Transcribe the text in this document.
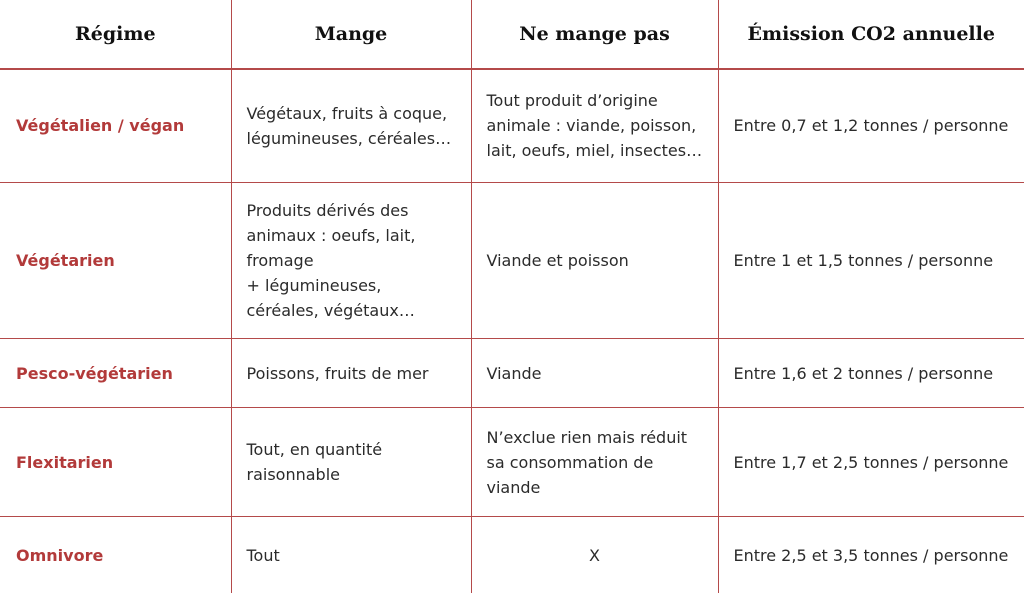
Régime	Mange	Ne mange pas	Émission CO2 annuelle
Végétalien / végan	Végétaux, fruits à coque,
légumineuses, céréales…	Tout produit d’origine
animale : viande, poisson,
lait, oeufs, miel, insectes…	Entre 0,7 et 1,2 tonnes / personne
Végétarien	Produits dérivés des
animaux : oeufs, lait,
fromage
+ légumineuses,
céréales, végétaux…	Viande et poisson	Entre 1 et 1,5 tonnes / personne
Pesco-végétarien	Poissons, fruits de mer	Viande	Entre 1,6 et 2 tonnes / personne
Flexitarien	Tout, en quantité
raisonnable	N’exclue rien mais réduit
sa consommation de
viande	Entre 1,7 et 2,5 tonnes / personne
Omnivore	Tout	X	Entre 2,5 et 3,5 tonnes / personne
